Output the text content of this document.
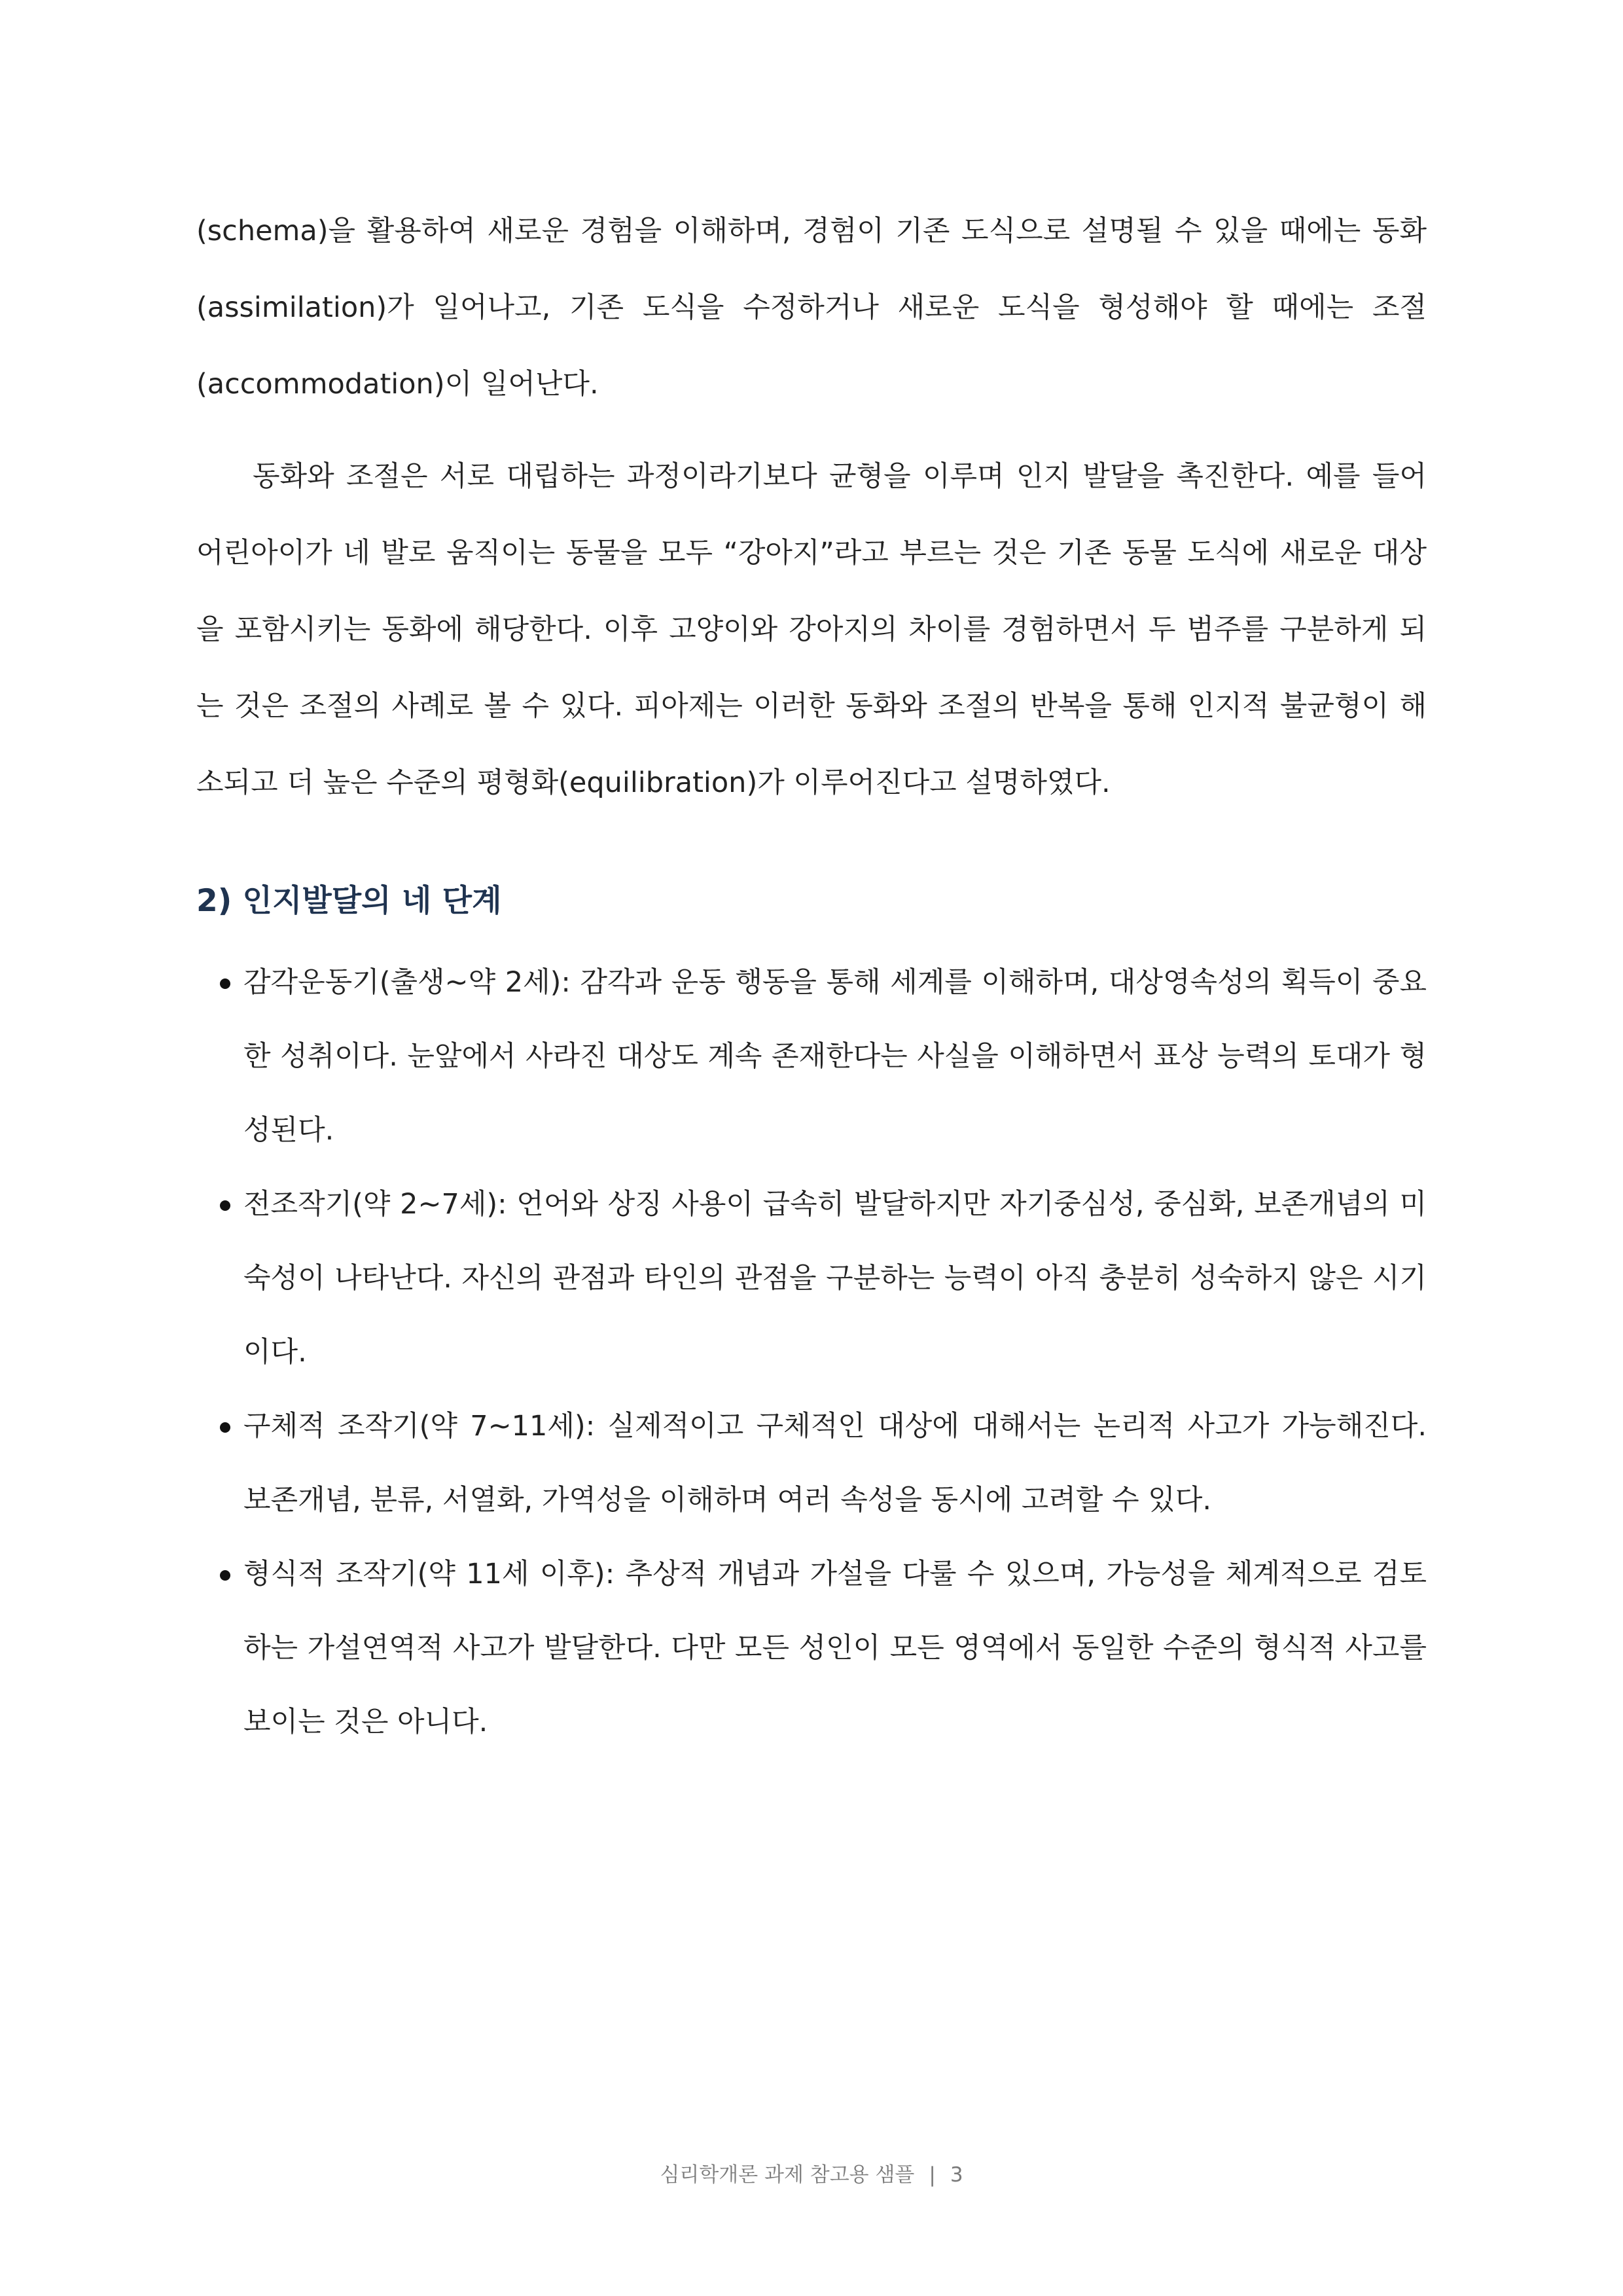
(schema)을 활용하여 새로운 경험을 이해하며, 경험이 기존 도식으로 설명될 수 있을 때에는 동화(assimilation)가 일어나고, 기존 도식을 수정하거나 새로운 도식을 형성해야 할 때에는 조절(accommodation)이 일어난다.

동화와 조절은 서로 대립하는 과정이라기보다 균형을 이루며 인지 발달을 촉진한다. 예를 들어 어린아이가 네 발로 움직이는 동물을 모두 “강아지”라고 부르는 것은 기존 동물 도식에 새로운 대상을 포함시키는 동화에 해당한다. 이후 고양이와 강아지의 차이를 경험하면서 두 범주를 구분하게 되는 것은 조절의 사례로 볼 수 있다. 피아제는 이러한 동화와 조절의 반복을 통해 인지적 불균형이 해소되고 더 높은 수준의 평형화(equilibration)가 이루어진다고 설명하였다.

2) 인지발달의 네 단계
감각운동기(출생~약 2세): 감각과 운동 행동을 통해 세계를 이해하며, 대상영속성의 획득이 중요한 성취이다. 눈앞에서 사라진 대상도 계속 존재한다는 사실을 이해하면서 표상 능력의 토대가 형성된다.
전조작기(약 2~7세): 언어와 상징 사용이 급속히 발달하지만 자기중심성, 중심화, 보존개념의 미숙성이 나타난다. 자신의 관점과 타인의 관점을 구분하는 능력이 아직 충분히 성숙하지 않은 시기이다.
구체적 조작기(약 7~11세): 실제적이고 구체적인 대상에 대해서는 논리적 사고가 가능해진다. 보존개념, 분류, 서열화, 가역성을 이해하며 여러 속성을 동시에 고려할 수 있다.
형식적 조작기(약 11세 이후): 추상적 개념과 가설을 다룰 수 있으며, 가능성을 체계적으로 검토하는 가설연역적 사고가 발달한다. 다만 모든 성인이 모든 영역에서 동일한 수준의 형식적 사고를 보이는 것은 아니다.
심리학개론 과제 참고용 샘플 | 3
